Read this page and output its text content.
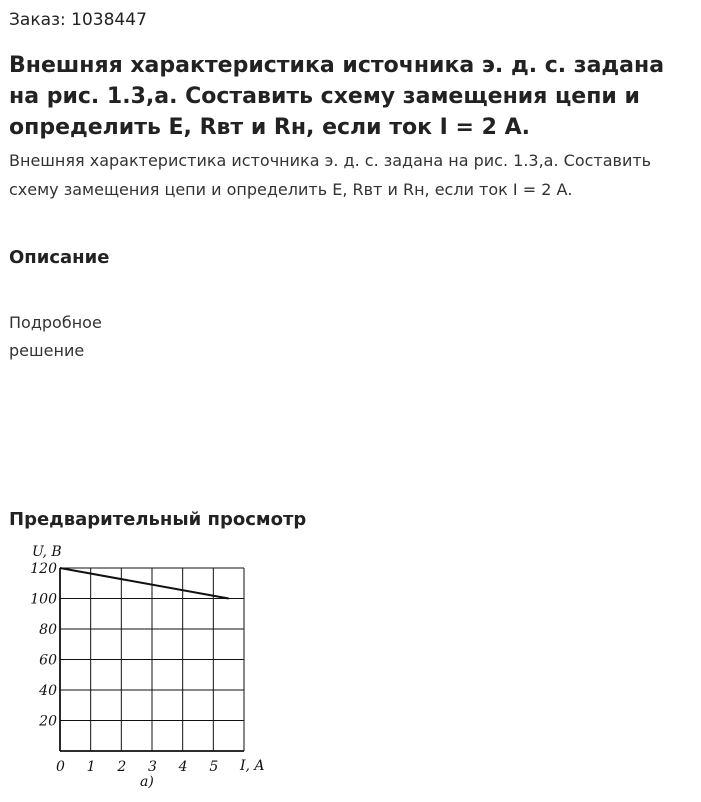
Заказ: 1038447
Внешняя характеристика источника э. д. с. задана на рис. 1.3,а. Составить схему замещения цепи и определить E, Rвт и Rн, если ток I = 2 А.
Внешняя характеристика источника э. д. с. задана на рис. 1.3,а. Составить схему замещения цепи и определить E, Rвт и Rн, если ток I = 2 А.
Описание
Подробное
решение
Предварительный просмотр
0 1 2 3 4 5
20
40
60
80
100
120
U, B
I, A
а)
